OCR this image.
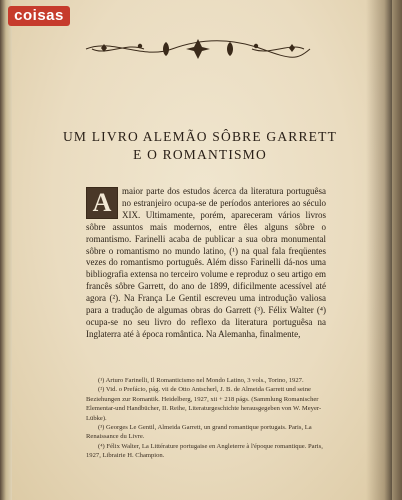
coisas
UM LIVRO ALEMÃO SÔBRE GARRETT
E O ROMANTISMO
A	maior parte dos estudos ácerca da literatura portuguêsa no estranjeiro ocupa-se de períodos anteriores ao século XIX. Ultimamente, porém, apareceram vários livros sôbre assuntos mais modernos, entre êles alguns sôbre o romantismo. Farinelli acaba de publicar a sua obra monumental sôbre o romantismo no mundo latino, (¹) na qual fala freqüentes vezes do romantismo português. Além disso Farinelli dá-nos uma bibliografia extensa no terceiro volume e reproduz o seu artigo em francês sôbre Garrett, do ano de 1899, dificilmente acessível até agora (²). Na França Le Gentil escreveu uma introdução valiosa para a tradução de algumas obras do Garrett (³). Félix Walter (⁴) ocupa-se no seu livro do reflexo da literatura portuguêsa na Inglaterra até à época romântica. Na Alemanha, finalmente,

(¹) Arturo Farinelli, Il Romanticismo nel Mondo Latino, 3 vols., Torino, 1927.

(²) Vid. o Prefácio, pág. vii de Otto Antscherl, J. B. de Almeida Garrett und seine Beziehungen zur Romantik. Heidelberg, 1927, xii + 218 págs. (Sammlung Romanischer Elementar-und Handbücher, II. Reihe, Literaturgeschichte herausgegeben von W. Meyer-Lübke).

(³) Georges Le Gentil, Almeida Garrett, un grand romantique portugais. Paris, La Renaissance du Livre.

(⁴) Félix Walter, La Littérature portugaise en Angleterre à l'époque romantique. Paris, 1927, Librairie H. Champion.
